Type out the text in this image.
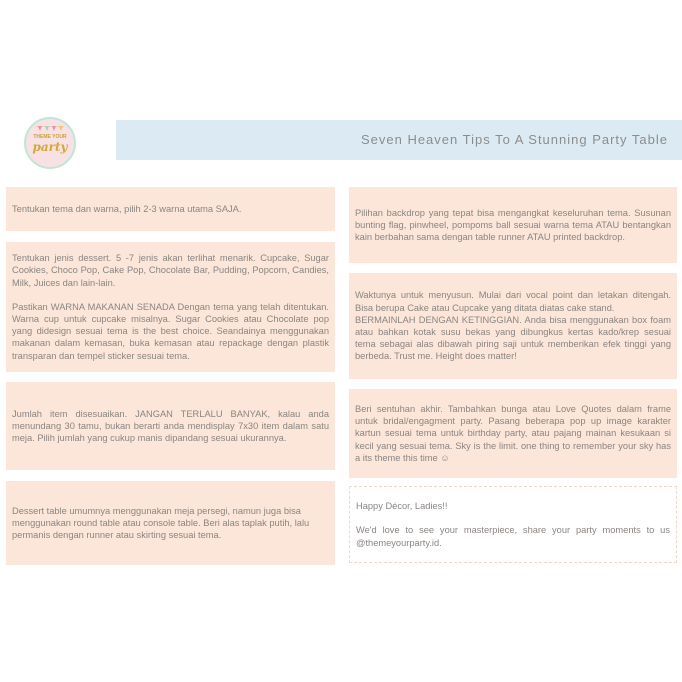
THEME YOUR
party	Seven Heaven Tips To A Stunning Party Table

Tentukan tema dan warna, pilih 2-3 warna utama SAJA.

Tentukan jenis dessert. 5 -7 jenis akan terlihat menarik. Cupcake, Sugar Cookies, Choco Pop, Cake Pop, Chocolate Bar, Pudding, Popcorn, Candies, Milk, Juices dan lain-lain.

Pastikan WARNA MAKANAN SENADA Dengan tema yang telah ditentukan. Warna cup untuk cupcake misalnya. Sugar Cookies atau Chocolate pop yang didesign sesuai tema is the best choice. Seandainya menggunakan makanan dalam kemasan, buka kemasan atau repackage dengan plastik transparan dan tempel sticker sesuai tema.

Jumlah item disesuaikan. JANGAN TERLALU BANYAK, kalau anda menundang 30 tamu, bukan berarti anda mendisplay 7x30 item dalam satu meja. Pilih jumlah yang cukup manis dipandang sesuai ukurannya.

Dessert table umumnya menggunakan meja persegi, namun juga bisa menggunakan round table atau console table. Beri alas taplak putih, lalu permanis dengan runner atau skirting sesuai tema.

Pilihan backdrop yang tepat bisa mengangkat keseluruhan tema. Susunan bunting flag, pinwheel, pompoms ball sesuai warna tema ATAU bentangkan kain berbahan sama dengan table runner ATAU printed backdrop.

Waktunya untuk menyusun. Mulai dari vocal point dan letakan ditengah. Bisa berupa Cake atau Cupcake yang ditata diatas cake stand.

BERMAINLAH DENGAN KETINGGIAN. Anda bisa menggunakan box foam atau bahkan kotak susu bekas yang dibungkus kertas kado/krep sesuai tema sebagai alas dibawah piring saji untuk memberikan efek tinggi yang berbeda. Trust me. Height does matter!

Beri sentuhan akhir. Tambahkan bunga atau Love Quotes dalam frame untuk bridal/engagment party. Pasang beberapa pop up image karakter kartun sesuai tema untuk birthday party, atau pajang mainan kesukaan si kecil yang sesuai tema. Sky is the limit. one thing to remember your sky has a its theme this time ☺

Happy Décor, Ladies!!

We'd love to see your masterpiece, share your party moments to us @themeyourparty.id.
